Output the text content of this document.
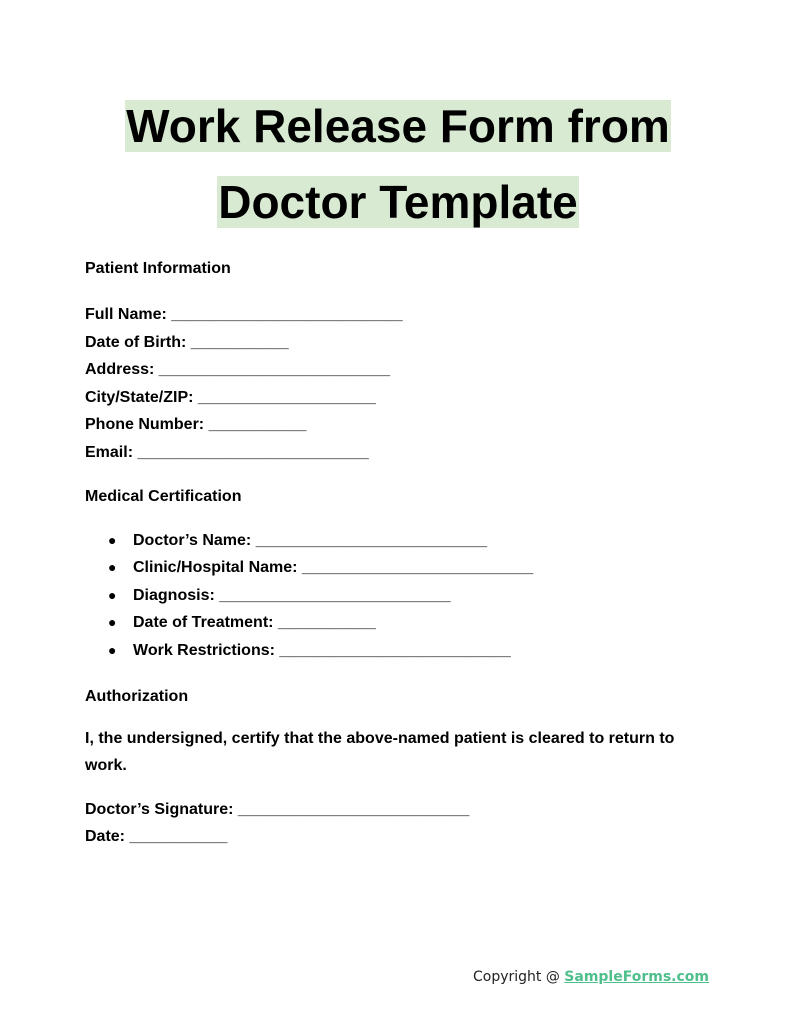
Work Release Form from
Doctor Template

Patient Information

Full Name: __________________________

Date of Birth: ___________

Address: __________________________

City/State/ZIP: ____________________

Phone Number: ___________

Email: __________________________

Medical Certification

● Doctor’s Name: __________________________
● Clinic/Hospital Name: __________________________
● Diagnosis: __________________________
● Date of Treatment: ___________
● Work Restrictions: __________________________

Authorization

I, the undersigned, certify that the above-named patient is cleared to return to work.

Doctor’s Signature: __________________________

Date: ___________

Copyright @ SampleForms.com
